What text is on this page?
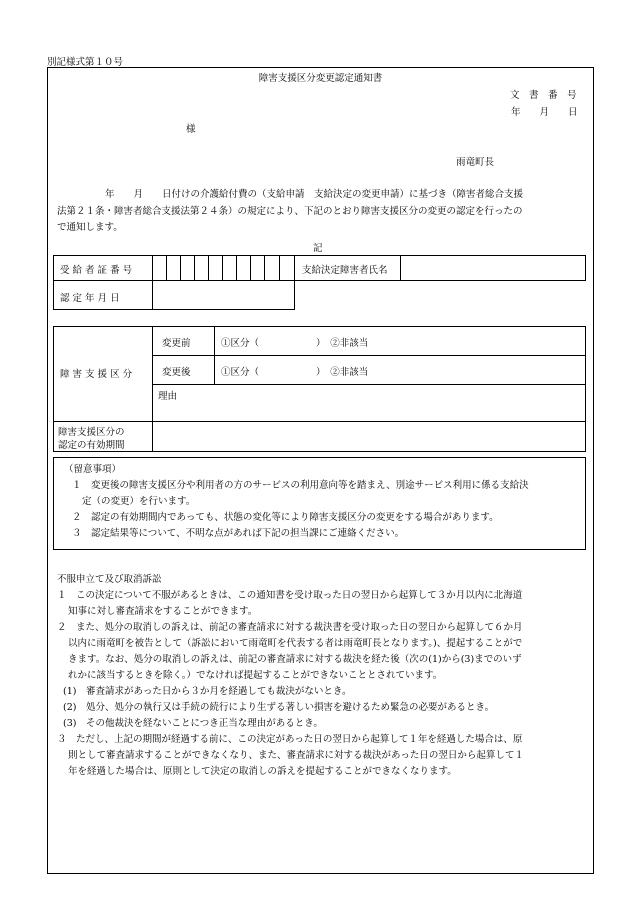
別記様式第１０号
障害支援区分変更認定通知書
文　書　番　号
年　　月　　日
様
雨竜町長
年　　月　　日付けの介護給付費の（支給申請　支給決定の変更申請）に基づき（障害者総合支援
法第２１条・障害者総合支援法第２４条）の規定により、下記のとおり障害支援区分の変更の認定を行ったの
で通知します。
記
受 給 者 証 番 号	支給決定障害者氏名
認 定 年 月 日
障 害 支 援 区 分
変更前	①区分（　　　　　　）　②非該当
変更後	①区分（　　　　　　）　②非該当
理由
障害支援区分の
認定の有効期間
（留意事項）
１　変更後の障害支援区分や利用者の方のサービスの利用意向等を踏まえ、別途サービス利用に係る支給決
定（の変更）を行います。
２　認定の有効期間内であっても、状態の変化等により障害支援区分の変更をする場合があります。
３　認定結果等について、不明な点があれば下記の担当課にご連絡ください。
不服申立て及び取消訴訟
１　この決定について不服があるときは、この通知書を受け取った日の翌日から起算して３か月以内に北海道
知事に対し審査請求をすることができます。
２　また、処分の取消しの訴えは、前記の審査請求に対する裁決書を受け取った日の翌日から起算して６か月
以内に雨竜町を被告として（訴訟において雨竜町を代表する者は雨竜町長となります。)、提起することがで
きます。なお、処分の取消しの訴えは、前記の審査請求に対する裁決を経た後（次の(1)から(3)までのいず
れかに該当するときを除く。）でなければ提起することができないこととされています。
(1)　審査請求があった日から３か月を経過しても裁決がないとき。
(2)　処分、処分の執行又は手続の続行により生ずる著しい損害を避けるため緊急の必要があるとき。
(3)　その他裁決を経ないことにつき正当な理由があるとき。
３　ただし、上記の期間が経過する前に、この決定があった日の翌日から起算して１年を経過した場合は、原
則として審査請求することができなくなり、また、審査請求に対する裁決があった日の翌日から起算して１
年を経過した場合は、原則として決定の取消しの訴えを提起することができなくなります。
